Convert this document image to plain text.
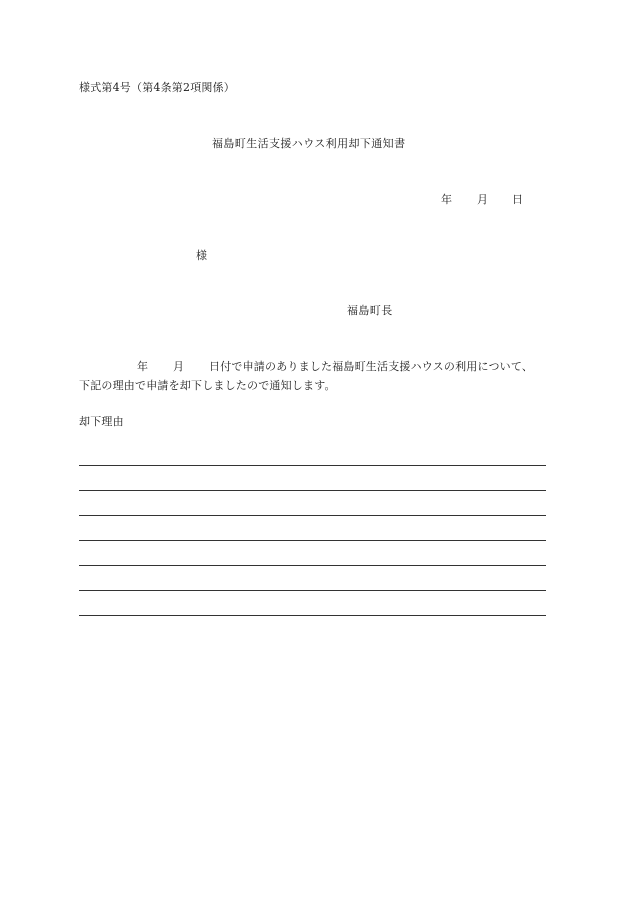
様式第4号（第4条第2項関係）
福島町生活支援ハウス利用却下通知書
年 月 日
様
福島町長
年 月 日付で申請のありました福島町生活支援ハウスの利用について、
下記の理由で申請を却下しましたので通知します。
却下理由
